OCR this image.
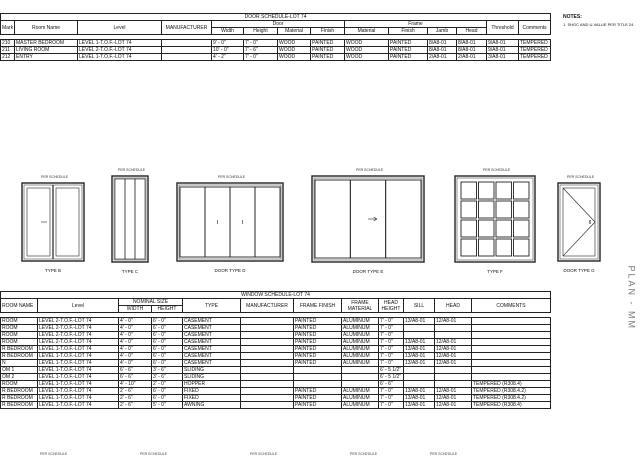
DOOR SCHEDULE-LOT 74													
Mark	Room Name	Level	MANUFACTURER	Door				Frame				Threshold	Comments
				Width	Height	Material	Finish	Material	Finish	Jamb	Head		

210	MASTER BEDROOM	LEVEL 1-T.O.F.-LOT 74		9' - 0"	7' - 0"	WOOD	PAINTED	WOOD	PAINTED	8/A8-01	8/A8-01	9/A8-01	TEMPERED
211	LIVING ROOM	LEVEL 2-T.O.F.-LOT 74		10' - 0"	7' - 6"	WOOD	PAINTED	WOOD	PAINTED	8/A8-01	8/A8-01	9/A8-01	TEMPERED
212	ENTRY	LEVEL 1-T.O.F.-LOT 74		4' - 2"	7' - 0"	WOOD	PAINTED	WOOD	PAINTED	2/A8-01	2/A8-01	3/A8-01	TEMPERED
NOTES:
1. SHGC AND U-VALUE PER TITLE 24
PER SCHEDULE
TYPE B
PER SCHEDULE
TYPE C
PER SCHEDULE
DOOR TYPE D
PER SCHEDULE
DOOR TYPE E
PER SCHEDULE
TYPE F
PER SCHEDULE
DOOR TYPE G
WINDOW SCHEDULE-LOT 74											
ROOM NAME	Level	NOMINAL SIZE		TYPE	MANUFACTURER	FRAME FINISH	FRAME MATERIAL	HEAD HEIGHT	SILL	HEAD	COMMENTS
		WIDTH	HEIGHT								

ROOM	LEVEL 2-T.O.F.-LOT 74	4' - 0"	6' - 0"	CASEMENT		PAINTED	ALUMINUM	7' - 0"	13/A8-01	12/A8-01	
ROOM	LEVEL 2-T.O.F.-LOT 74	4' - 0"	6' - 0"	CASEMENT		PAINTED	ALUMINUM	7' - 0"			
ROOM	LEVEL 2-T.O.F.-LOT 74	4' - 0"	6' - 0"	CASEMENT		PAINTED	ALUMINUM	7' - 0"			
ROOM	LEVEL 2-T.O.F.-LOT 74	4' - 0"	6' - 0"	CASEMENT		PAINTED	ALUMINUM	7' - 0"	13/A8-01	12/A8-01	
R BEDROOM	LEVEL 1-T.O.F.-LOT 74	4' - 0"	6' - 0"	CASEMENT		PAINTED	ALUMINUM	7' - 0"	13/A8-01	12/A8-01	
R BEDROOM	LEVEL 1-T.O.F.-LOT 74	4' - 0"	6' - 0"	CASEMENT		PAINTED	ALUMINUM	7' - 0"	13/A8-01	12/A8-01	
N	LEVEL 1-T.O.F.-LOT 74	4' - 0"	6' - 0"	CASEMENT		PAINTED	ALUMINUM	7' - 0"	13/A8-01	12/A8-01	
OM 1	LEVEL 1-T.O.F.-LOT 74	6' - 6"	3' - 6"	SLIDING				6' - 5 1/2"			
OM 2	LEVEL 1-T.O.F.-LOT 74	6' - 6"	3' - 6"	SLIDING				6' - 5 1/2"			
ROOM	LEVEL 1-T.O.F.-LOT 74	4' - 10"	2' - 0"	HOPPER				6' - 6"			TEMPERED (R308.4)
R BEDROOM	LEVEL 1-T.O.F.-LOT 74	2' - 6"	6' - 0"	FIXED		PAINTED	ALUMINUM	7' - 0"	13/A8-01	12/A8-01	TEMPERED (R308.4.2)
R BEDROOM	LEVEL 1-T.O.F.-LOT 74	2' - 6"	6' - 0"	FIXED		PAINTED	ALUMINUM	7' - 0"	13/A8-01	12/A8-01	TEMPERED (R308.4.2)
R BEDROOM	LEVEL 1-T.O.F.-LOT 74	2' - 6"	5' - 0"	AWNING		PAINTED	ALUMINUM	7' - 0"	13/A8-01	12/A8-01	TEMPERED (R308.4)
PLAN - MM
PER SCHEDULE	PER SCHEDULE	PER SCHEDULE	PER SCHEDULE	PER SCHEDULE
